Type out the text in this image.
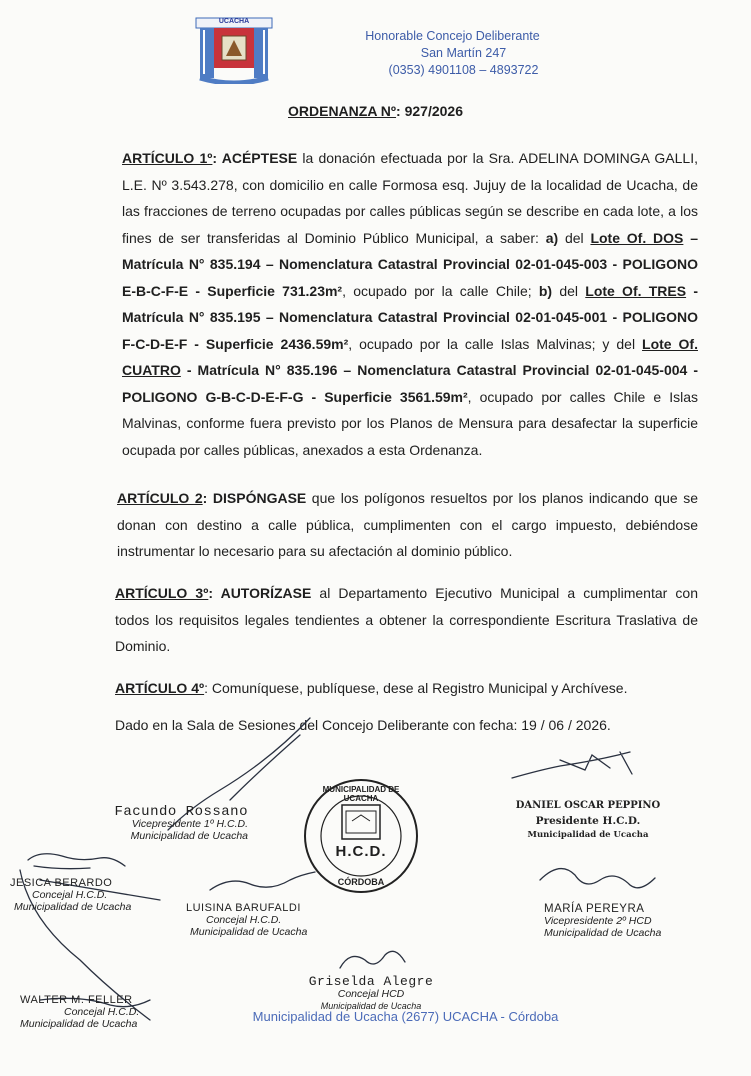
UCACHA
Honorable Concejo Deliberante
San Martín 247
(0353) 4901108 – 4893722
ORDENANZA Nº: 927/2026
ARTÍCULO 1º: ACÉPTESE la donación efectuada por la Sra. ADELINA DOMINGA GALLI, L.E. Nº 3.543.278, con domicilio en calle Formosa esq. Jujuy de la localidad de Ucacha, de las fracciones de terreno ocupadas por calles públicas según se describe en cada lote, a los fines de ser transferidas al Dominio Público Municipal, a saber: a) del Lote Of. DOS – Matrícula N° 835.194 – Nomenclatura Catastral Provincial 02-01-045-003 - POLIGONO E-B-C-F-E - Superficie 731.23m², ocupado por la calle Chile; b) del Lote Of. TRES - Matrícula N° 835.195 – Nomenclatura Catastral Provincial 02-01-045-001 - POLIGONO F-C-D-E-F - Superficie 2436.59m², ocupado por la calle Islas Malvinas; y del Lote Of. CUATRO - Matrícula N° 835.196 – Nomenclatura Catastral Provincial 02-01-045-004 - POLIGONO G-B-C-D-E-F-G - Superficie 3561.59m², ocupado por calles Chile e Islas Malvinas, conforme fuera previsto por los Planos de Mensura para desafectar la superficie ocupada por calles públicas, anexados a esta Ordenanza.
ARTÍCULO 2: DISPÓNGASE que los polígonos resueltos por los planos indicando que se donan con destino a calle pública, cumplimenten con el cargo impuesto, debiéndose instrumentar lo necesario para su afectación al dominio público.
ARTÍCULO 3º: AUTORÍZASE al Departamento Ejecutivo Municipal a cumplimentar con todos los requisitos legales tendientes a obtener la correspondiente Escritura Traslativa de Dominio.
ARTÍCULO 4º: Comuníquese, publíquese, dese al Registro Municipal y Archívese.
Dado en la Sala de Sesiones del Concejo Deliberante con fecha: 19 / 06 / 2026.
MUNICIPALIDAD DE UCACHA
H.C.D.
CÓRDOBA
Facundo Rossano
Vicepresidente 1º H.C.D.
Municipalidad de Ucacha
JESICA BERARDO
Concejal H.C.D.
Municipalidad de Ucacha	LUISINA BARUFALDI
Concejal H.C.D.
Municipalidad de Ucacha
WALTER M. FELLER
Concejal H.C.D.
Municipalidad de Ucacha
Griselda Alegre
Concejal HCD
Municipalidad de Ucacha
DANIEL OSCAR PEPPINO
Presidente H.C.D.
Municipalidad de Ucacha
MARÍA PEREYRA
Vicepresidente 2º HCD
Municipalidad de Ucacha
Municipalidad de Ucacha (2677) UCACHA - Córdoba
